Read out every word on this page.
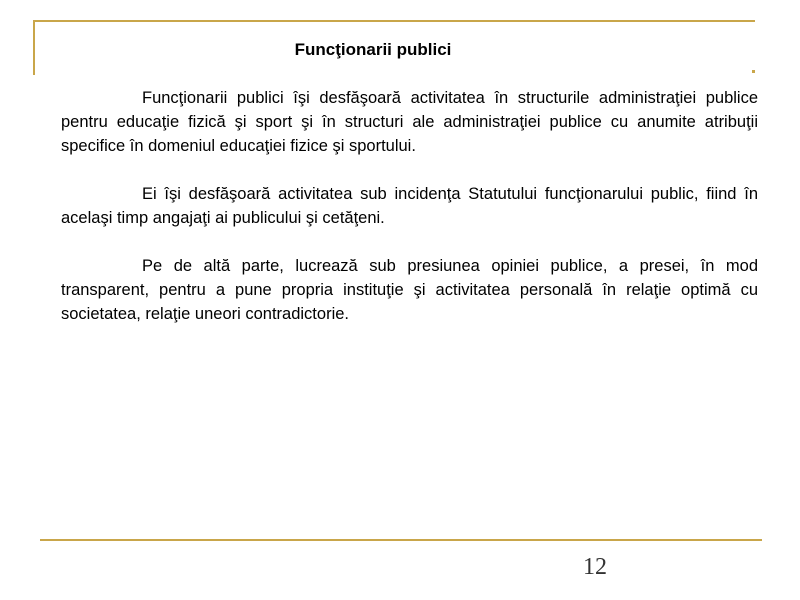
Funcţionarii publici

Funcţionarii publici îşi desfăşoară activitatea în structurile administraţiei publice pentru educaţie fizică şi sport şi în structuri ale administraţiei publice cu anumite atribuţii specifice în domeniul educaţiei fizice şi sportului.

Ei îşi desfăşoară activitatea sub incidenţa Statutului funcţionarului public, fiind în acelaşi timp angajaţi ai publicului şi cetăţeni.

Pe de altă parte, lucrează sub presiunea opiniei publice, a presei, în mod transparent, pentru a pune propria instituţie şi activitatea personală în relaţie optimă cu societatea, relaţie uneori contradictorie.

12
